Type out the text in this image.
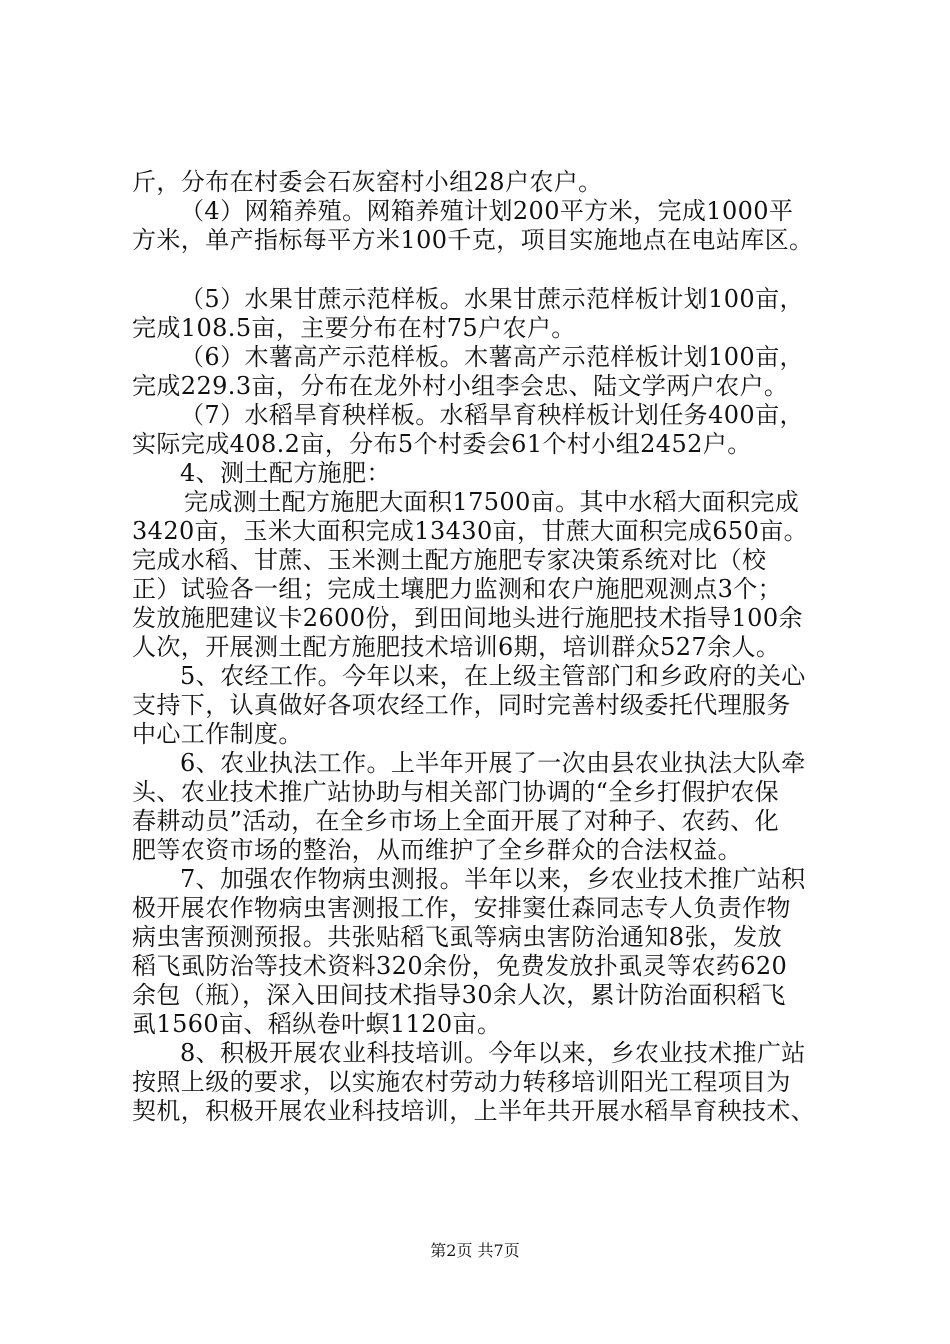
斤，分布在村委会石灰窑村小组28户农户。
（4）网箱养殖。网箱养殖计划200平方米，完成1000平
方米，单产指标每平方米100千克，项目实施地点在电站库区。
（5）水果甘蔗示范样板。水果甘蔗示范样板计划100亩，
完成108.5亩，主要分布在村75户农户。
（6）木薯高产示范样板。木薯高产示范样板计划100亩，
完成229.3亩，分布在龙外村小组李会忠、陆文学两户农户。
（7）水稻旱育秧样板。水稻旱育秧样板计划任务400亩，
实际完成408.2亩，分布5个村委会61个村小组2452户。
4、测土配方施肥：
完成测土配方施肥大面积17500亩。其中水稻大面积完成
3420亩，玉米大面积完成13430亩，甘蔗大面积完成650亩。
完成水稻、甘蔗、玉米测土配方施肥专家决策系统对比（校
正）试验各一组；完成土壤肥力监测和农户施肥观测点3个；
发放施肥建议卡2600份，到田间地头进行施肥技术指导100余
人次，开展测土配方施肥技术培训6期，培训群众527余人。
5、农经工作。今年以来，在上级主管部门和乡政府的关心
支持下，认真做好各项农经工作，同时完善村级委托代理服务
中心工作制度。
6、农业执法工作。上半年开展了一次由县农业执法大队牵
头、农业技术推广站协助与相关部门协调的“全乡打假护农保
春耕动员”活动，在全乡市场上全面开展了对种子、农药、化
肥等农资市场的整治，从而维护了全乡群众的合法权益。
7、加强农作物病虫测报。半年以来，乡农业技术推广站积
极开展农作物病虫害测报工作，安排窦仕森同志专人负责作物
病虫害预测预报。共张贴稻飞虱等病虫害防治通知8张，发放
稻飞虱防治等技术资料320余份，免费发放扑虱灵等农药620
余包（瓶），深入田间技术指导30余人次，累计防治面积稻飞
虱1560亩、稻纵卷叶螟1120亩。
8、积极开展农业科技培训。今年以来，乡农业技术推广站
按照上级的要求，以实施农村劳动力转移培训阳光工程项目为
契机，积极开展农业科技培训，上半年共开展水稻旱育秧技术、
第2页 共7页
